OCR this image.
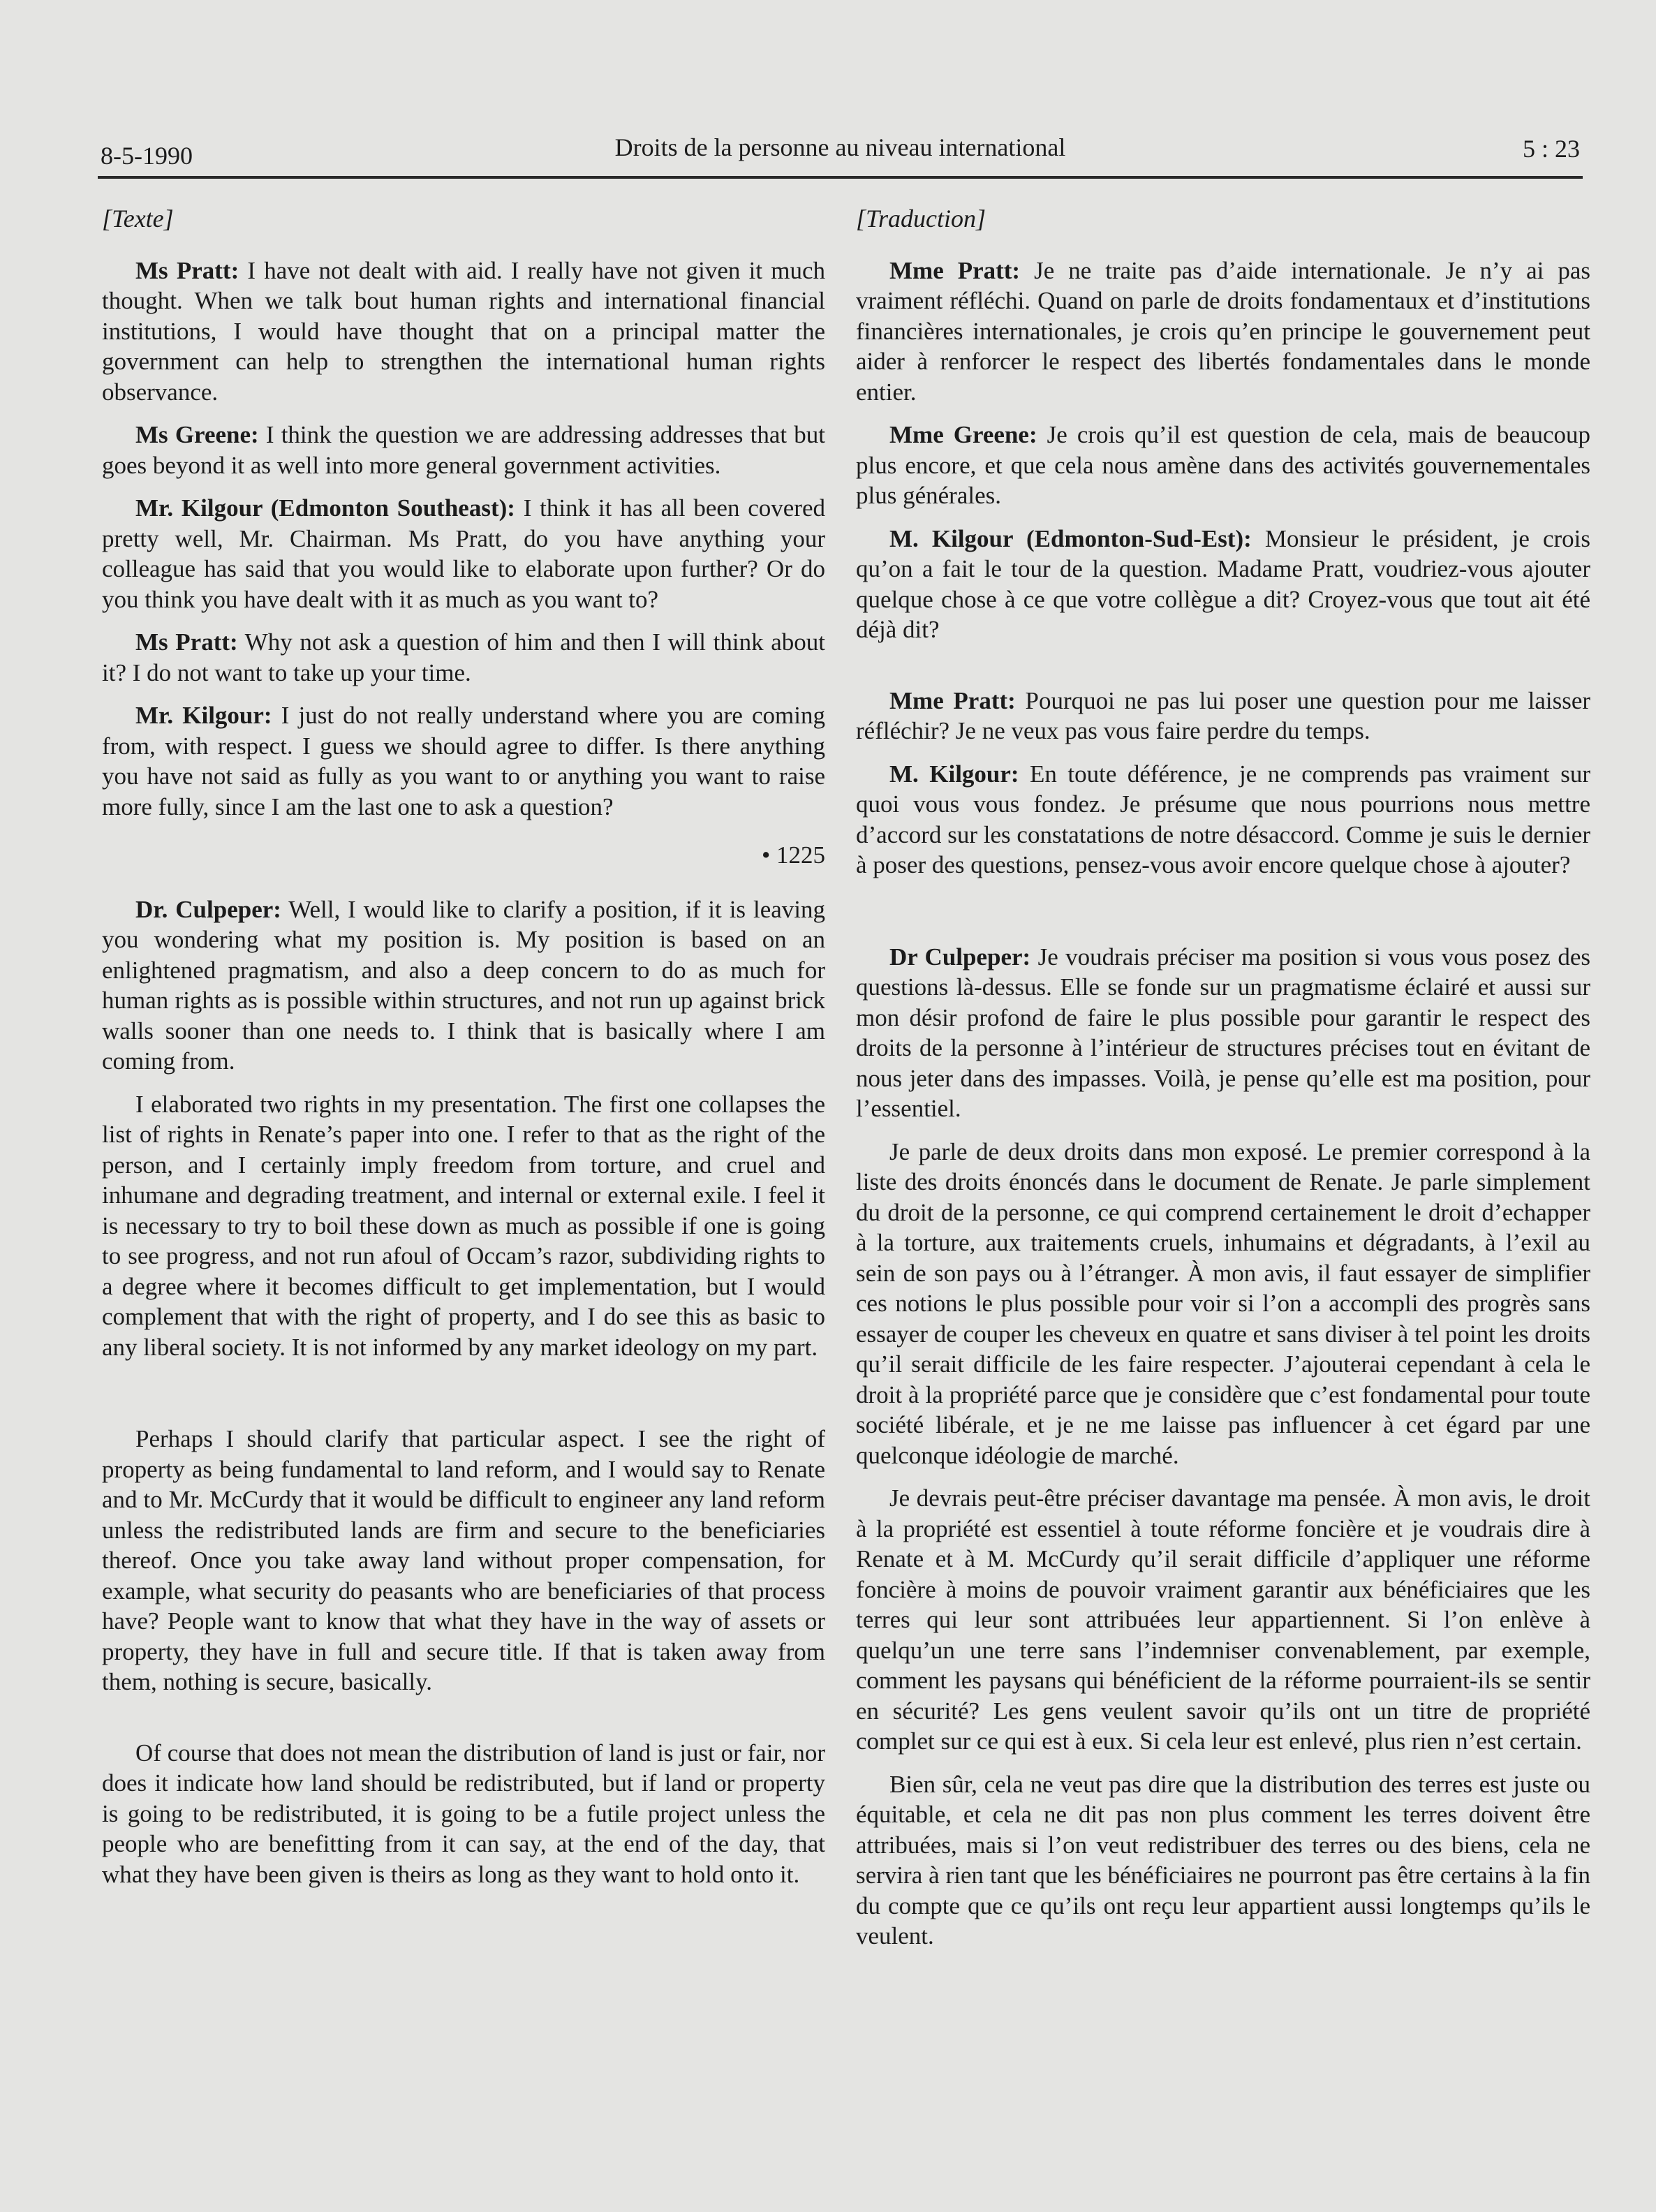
8-5-1990	Droits de la personne au niveau international	5 : 23
[Texte]

Ms Pratt: I have not dealt with aid. I really have not given it much thought. When we talk bout human rights and international financial institutions, I would have thought that on a principal matter the government can help to strengthen the international human rights observance.

Ms Greene: I think the question we are addressing addresses that but goes beyond it as well into more general government activities.

Mr. Kilgour (Edmonton Southeast): I think it has all been covered pretty well, Mr. Chairman. Ms Pratt, do you have anything your colleague has said that you would like to elaborate upon further? Or do you think you have dealt with it as much as you want to?

Ms Pratt: Why not ask a question of him and then I will think about it? I do not want to take up your time.

Mr. Kilgour: I just do not really understand where you are coming from, with respect. I guess we should agree to differ. Is there anything you have not said as fully as you want to or anything you want to raise more fully, since I am the last one to ask a question?

• 1225

Dr. Culpeper: Well, I would like to clarify a position, if it is leaving you wondering what my position is. My position is based on an enlightened pragmatism, and also a deep concern to do as much for human rights as is possible within structures, and not run up against brick walls sooner than one needs to. I think that is basically where I am coming from.

I elaborated two rights in my presentation. The first one collapses the list of rights in Renate’s paper into one. I refer to that as the right of the person, and I certainly imply freedom from torture, and cruel and inhumane and degrading treatment, and internal or external exile. I feel it is necessary to try to boil these down as much as possible if one is going to see progress, and not run afoul of Occam’s razor, subdividing rights to a degree where it becomes difficult to get implementation, but I would complement that with the right of property, and I do see this as basic to any liberal society. It is not informed by any market ideology on my part.

Perhaps I should clarify that particular aspect. I see the right of property as being fundamental to land reform, and I would say to Renate and to Mr. McCurdy that it would be difficult to engineer any land reform unless the redistributed lands are firm and secure to the beneficiaries thereof. Once you take away land without proper compensation, for example, what security do peasants who are beneficiaries of that process have? People want to know that what they have in the way of assets or property, they have in full and secure title. If that is taken away from them, nothing is secure, basically.

Of course that does not mean the distribution of land is just or fair, nor does it indicate how land should be redistributed, but if land or property is going to be redistributed, it is going to be a futile project unless the people who are benefitting from it can say, at the end of the day, that what they have been given is theirs as long as they want to hold onto it.

[Traduction]

Mme Pratt: Je ne traite pas d’aide internationale. Je n’y ai pas vraiment réfléchi. Quand on parle de droits fondamentaux et d’institutions financières internationales, je crois qu’en principe le gouvernement peut aider à renforcer le respect des libertés fondamentales dans le monde entier.

Mme Greene: Je crois qu’il est question de cela, mais de beaucoup plus encore, et que cela nous amène dans des activités gouvernementales plus générales.

M. Kilgour (Edmonton-Sud-Est): Monsieur le président, je crois qu’on a fait le tour de la question. Madame Pratt, voudriez-vous ajouter quelque chose à ce que votre collègue a dit? Croyez-vous que tout ait été déjà dit?

Mme Pratt: Pourquoi ne pas lui poser une question pour me laisser réfléchir? Je ne veux pas vous faire perdre du temps.

M. Kilgour: En toute déférence, je ne comprends pas vraiment sur quoi vous vous fondez. Je présume que nous pourrions nous mettre d’accord sur les constatations de notre désaccord. Comme je suis le dernier à poser des questions, pensez-vous avoir encore quelque chose à ajouter?

Dr Culpeper: Je voudrais préciser ma position si vous vous posez des questions là-dessus. Elle se fonde sur un pragmatisme éclairé et aussi sur mon désir profond de faire le plus possible pour garantir le respect des droits de la personne à l’intérieur de structures précises tout en évitant de nous jeter dans des impasses. Voilà, je pense qu’elle est ma position, pour l’essentiel.

Je parle de deux droits dans mon exposé. Le premier correspond à la liste des droits énoncés dans le document de Renate. Je parle simplement du droit de la personne, ce qui comprend certainement le droit d’echapper à la torture, aux traitements cruels, inhumains et dégradants, à l’exil au sein de son pays ou à l’étranger. À mon avis, il faut essayer de simplifier ces notions le plus possible pour voir si l’on a accompli des progrès sans essayer de couper les cheveux en quatre et sans diviser à tel point les droits qu’il serait difficile de les faire respecter. J’ajouterai cependant à cela le droit à la propriété parce que je considère que c’est fondamental pour toute société libérale, et je ne me laisse pas influencer à cet égard par une quelconque idéologie de marché.

Je devrais peut-être préciser davantage ma pensée. À mon avis, le droit à la propriété est essentiel à toute réforme foncière et je voudrais dire à Renate et à M. McCurdy qu’il serait difficile d’appliquer une réforme foncière à moins de pouvoir vraiment garantir aux bénéficiaires que les terres qui leur sont attribuées leur appartiennent. Si l’on enlève à quelqu’un une terre sans l’indemniser convenablement, par exemple, comment les paysans qui bénéficient de la réforme pourraient-ils se sentir en sécurité? Les gens veulent savoir qu’ils ont un titre de propriété complet sur ce qui est à eux. Si cela leur est enlevé, plus rien n’est certain.

Bien sûr, cela ne veut pas dire que la distribution des terres est juste ou équitable, et cela ne dit pas non plus comment les terres doivent être attribuées, mais si l’on veut redistribuer des terres ou des biens, cela ne servira à rien tant que les bénéficiaires ne pourront pas être certains à la fin du compte que ce qu’ils ont reçu leur appartient aussi longtemps qu’ils le veulent.
